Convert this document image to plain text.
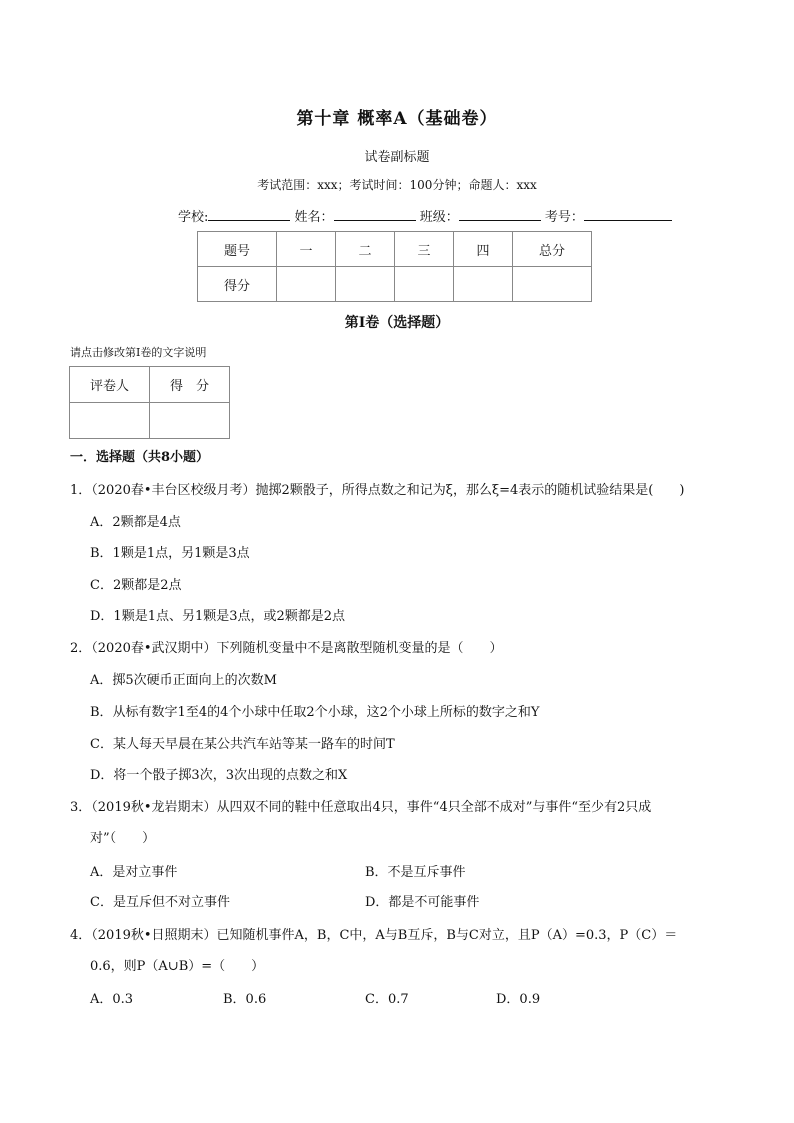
第十章 概率A（基础卷）
试卷副标题
考试范围：xxx；考试时间：100分钟；命题人：xxx
学校:	姓名：	班级：	考号：
题号	一	二	三	四	总分
得分					
第I卷（选择题）
请点击修改第I卷的文字说明
评卷人	得　分

一．选择题（共8小题）
1．（2020春•丰台区校级月考）抛掷2颗骰子，所得点数之和记为ξ，那么ξ=4表示的随机试验结果是(　　)
A．2颗都是4点
B．1颗是1点，另1颗是3点
C．2颗都是2点
D．1颗是1点、另1颗是3点，或2颗都是2点
2．（2020春•武汉期中）下列随机变量中不是离散型随机变量的是（　　）
A．掷5次硬币正面向上的次数M
B．从标有数字1至4的4个小球中任取2个小球，这2个小球上所标的数字之和Y
C．某人每天早晨在某公共汽车站等某一路车的时间T
D．将一个骰子掷3次，3次出现的点数之和X
3．（2019秋•龙岩期末）从四双不同的鞋中任意取出4只，事件“4只全部不成对”与事件“至少有2只成
对”（　　）
A．是对立事件	B．不是互斥事件
C．是互斥但不对立事件	D．都是不可能事件
4．（2019秋•日照期末）已知随机事件A，B，C中，A与B互斥，B与C对立，且P（A）=0.3，P（C）＝
0.6，则P（A∪B）=（　　）
A．0.3	B．0.6	C．0.7	D．0.9
